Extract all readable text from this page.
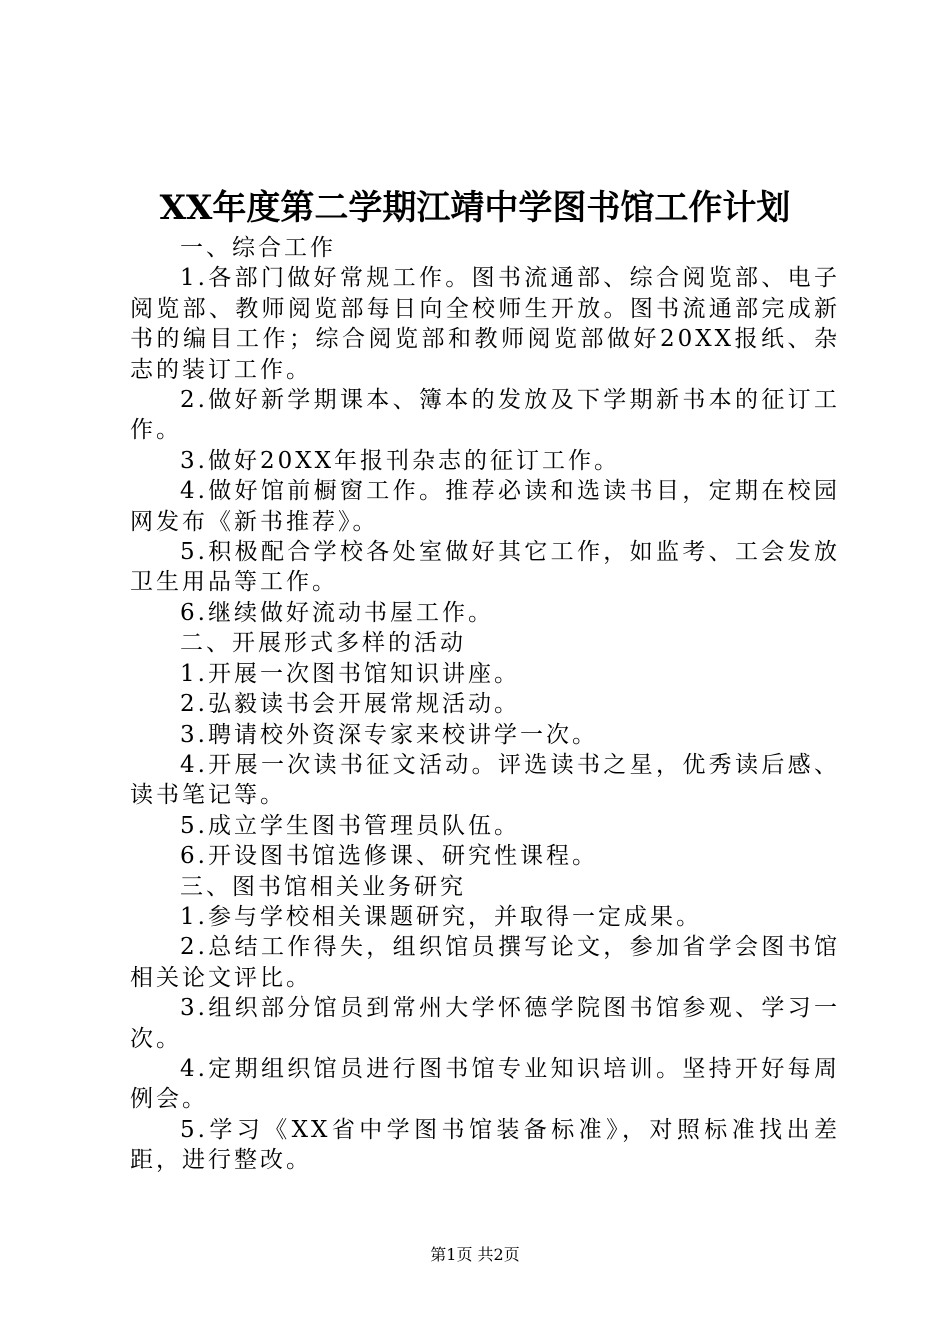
XX年度第二学期江靖中学图书馆工作计划

一、综合工作

1.各部门做好常规工作。图书流通部、综合阅览部、电子阅览部、教师阅览部每日向全校师生开放。图书流通部完成新书的编目工作；综合阅览部和教师阅览部做好20XX报纸、杂志的装订工作。

2.做好新学期课本、簿本的发放及下学期新书本的征订工作。

3.做好20XX年报刊杂志的征订工作。

4.做好馆前橱窗工作。推荐必读和选读书目，定期在校园网发布《新书推荐》。

5.积极配合学校各处室做好其它工作，如监考、工会发放卫生用品等工作。

6.继续做好流动书屋工作。

二、开展形式多样的活动

1.开展一次图书馆知识讲座。

2.弘毅读书会开展常规活动。

3.聘请校外资深专家来校讲学一次。

4.开展一次读书征文活动。评选读书之星，优秀读后感、读书笔记等。

5.成立学生图书管理员队伍。

6.开设图书馆选修课、研究性课程。

三、图书馆相关业务研究

1.参与学校相关课题研究，并取得一定成果。

2.总结工作得失，组织馆员撰写论文，参加省学会图书馆相关论文评比。

3.组织部分馆员到常州大学怀德学院图书馆参观、学习一次。

4.定期组织馆员进行图书馆专业知识培训。坚持开好每周例会。

5.学习《XX省中学图书馆装备标准》，对照标准找出差距，进行整改。

第1页 共2页
